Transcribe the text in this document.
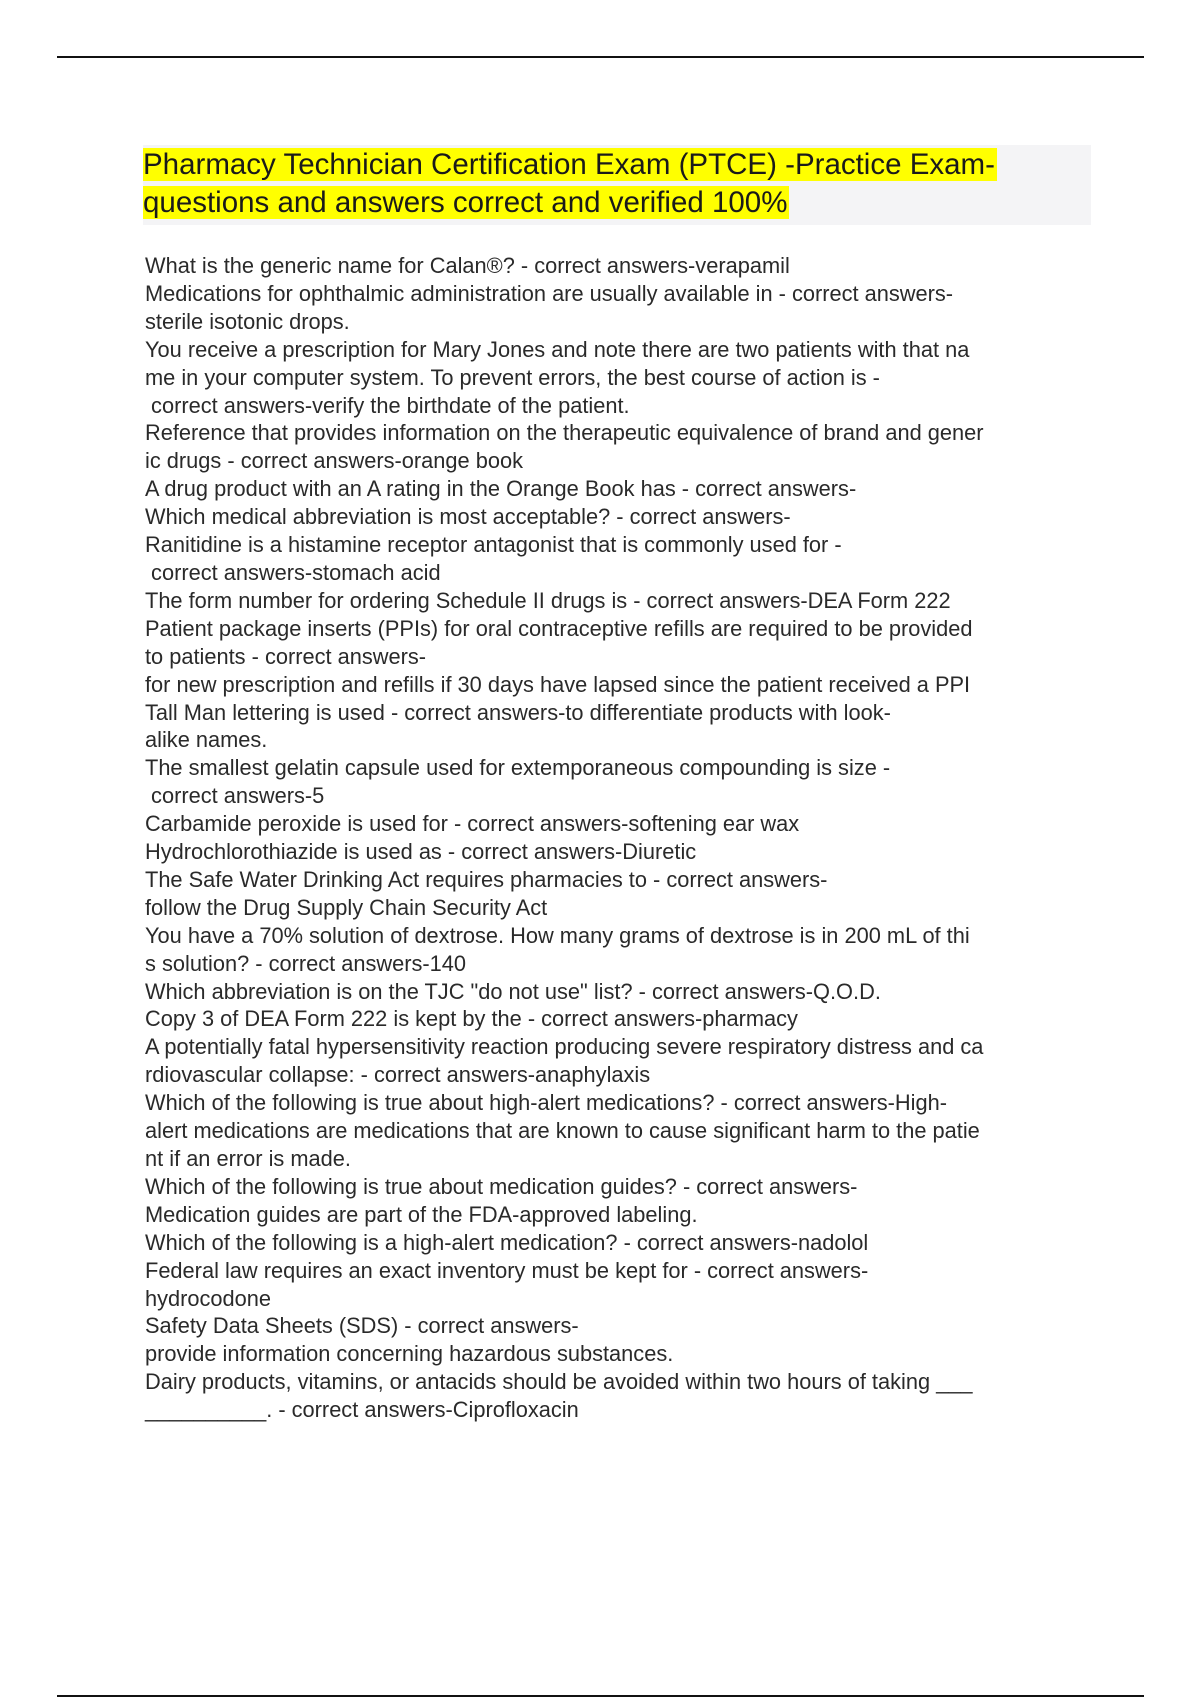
Pharmacy Technician Certification Exam (PTCE) -Practice Exam-
questions and answers correct and verified 100%

What is the generic name for Calan®? - correct answers-verapamil

Medications for ophthalmic administration are usually available in - correct answers-

sterile isotonic drops.

You receive a prescription for Mary Jones and note there are two patients with that na

me in your computer system. To prevent errors, the best course of action is -

correct answers-verify the birthdate of the patient.

Reference that provides information on the therapeutic equivalence of brand and gener

ic drugs - correct answers-orange book

A drug product with an A rating in the Orange Book has - correct answers-

Which medical abbreviation is most acceptable? - correct answers-

Ranitidine is a histamine receptor antagonist that is commonly used for -

correct answers-stomach acid

The form number for ordering Schedule II drugs is - correct answers-DEA Form 222

Patient package inserts (PPIs) for oral contraceptive refills are required to be provided

to patients - correct answers-

for new prescription and refills if 30 days have lapsed since the patient received a PPI

Tall Man lettering is used - correct answers-to differentiate products with look-

alike names.

The smallest gelatin capsule used for extemporaneous compounding is size -

correct answers-5

Carbamide peroxide is used for - correct answers-softening ear wax

Hydrochlorothiazide is used as - correct answers-Diuretic

The Safe Water Drinking Act requires pharmacies to - correct answers-

follow the Drug Supply Chain Security Act

You have a 70% solution of dextrose. How many grams of dextrose is in 200 mL of thi

s solution? - correct answers-140

Which abbreviation is on the TJC "do not use" list? - correct answers-Q.O.D.

Copy 3 of DEA Form 222 is kept by the - correct answers-pharmacy

A potentially fatal hypersensitivity reaction producing severe respiratory distress and ca

rdiovascular collapse: - correct answers-anaphylaxis

Which of the following is true about high-alert medications? - correct answers-High-

alert medications are medications that are known to cause significant harm to the patie

nt if an error is made.

Which of the following is true about medication guides? - correct answers-

Medication guides are part of the FDA-approved labeling.

Which of the following is a high-alert medication? - correct answers-nadolol

Federal law requires an exact inventory must be kept for - correct answers-

hydrocodone

Safety Data Sheets (SDS) - correct answers-

provide information concerning hazardous substances.

Dairy products, vitamins, or antacids should be avoided within two hours of taking ___

__________. - correct answers-Ciprofloxacin
